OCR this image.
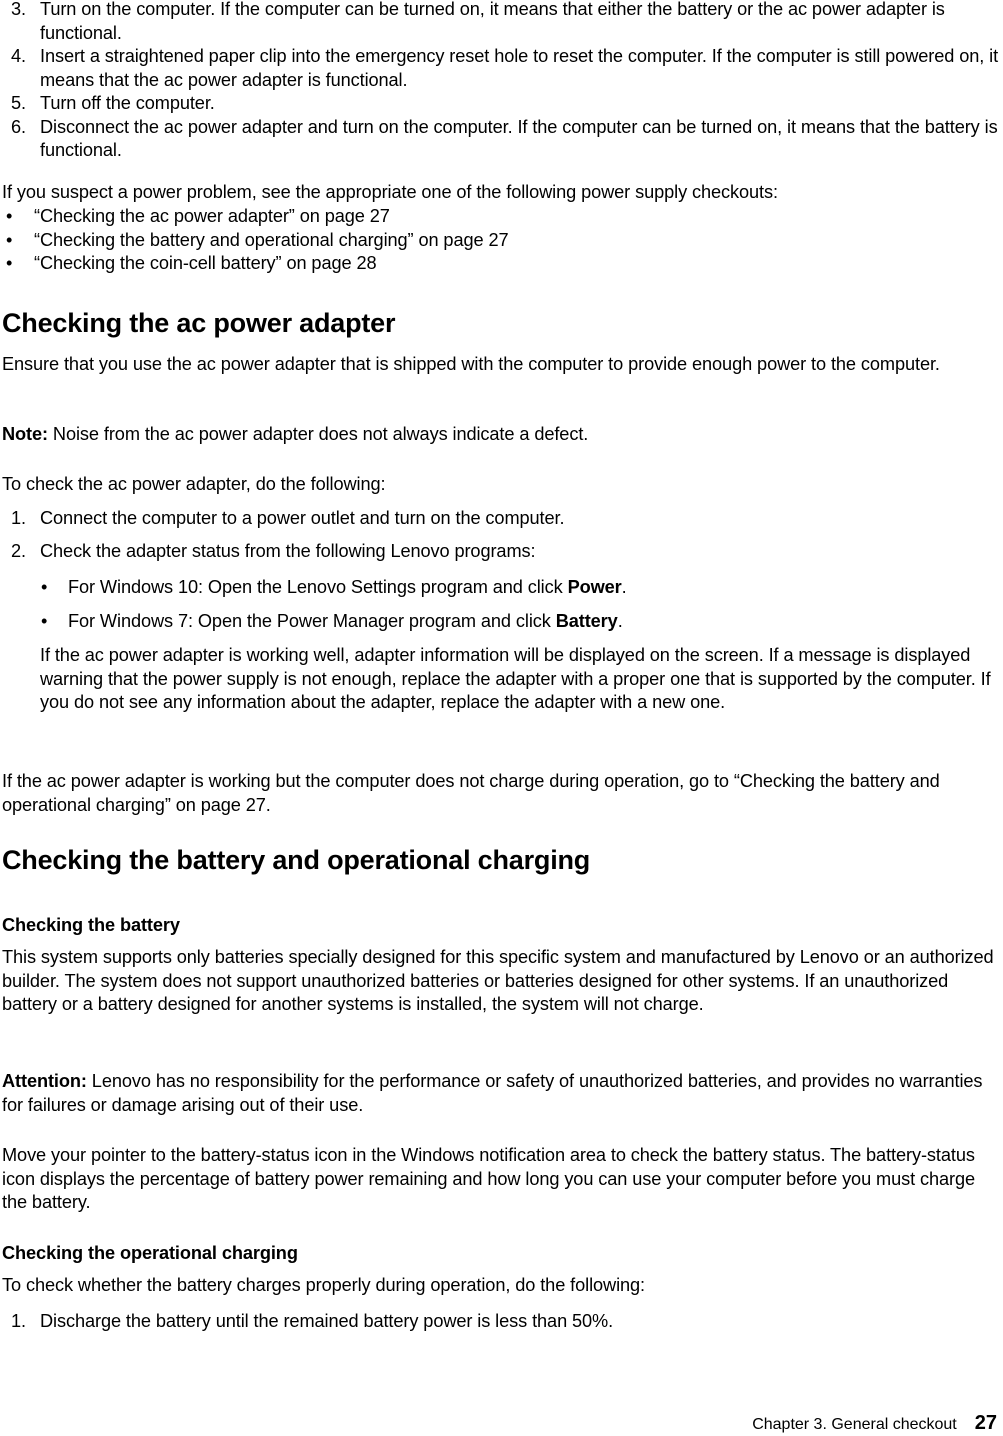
3. Turn on the computer. If the computer can be turned on, it means that either the battery or the ac power adapter is functional.
4. Insert a straightened paper clip into the emergency reset hole to reset the computer. If the computer is still powered on, it means that the ac power adapter is functional.
5. Turn off the computer.
6. Disconnect the ac power adapter and turn on the computer. If the computer can be turned on, it means that the battery is functional.
If you suspect a power problem, see the appropriate one of the following power supply checkouts:
• “Checking the ac power adapter” on page 27
• “Checking the battery and operational charging” on page 27
• “Checking the coin-cell battery” on page 28
Checking the ac power adapter
Ensure that you use the ac power adapter that is shipped with the computer to provide enough power to the computer.
Note: Noise from the ac power adapter does not always indicate a defect.
To check the ac power adapter, do the following:
1. Connect the computer to a power outlet and turn on the computer.
2. Check the adapter status from the following Lenovo programs:
• For Windows 10: Open the Lenovo Settings program and click Power.
• For Windows 7: Open the Power Manager program and click Battery.
If the ac power adapter is working well, adapter information will be displayed on the screen. If a message is displayed warning that the power supply is not enough, replace the adapter with a proper one that is supported by the computer. If you do not see any information about the adapter, replace the adapter with a new one.
If the ac power adapter is working but the computer does not charge during operation, go to “Checking the battery and operational charging” on page 27.
Checking the battery and operational charging
Checking the battery
This system supports only batteries specially designed for this specific system and manufactured by Lenovo or an authorized builder. The system does not support unauthorized batteries or batteries designed for other systems. If an unauthorized battery or a battery designed for another systems is installed, the system will not charge.
Attention: Lenovo has no responsibility for the performance or safety of unauthorized batteries, and provides no warranties for failures or damage arising out of their use.
Move your pointer to the battery-status icon in the Windows notification area to check the battery status. The battery-status icon displays the percentage of battery power remaining and how long you can use your computer before you must charge the battery.
Checking the operational charging
To check whether the battery charges properly during operation, do the following:
1. Discharge the battery until the remained battery power is less than 50%.
Chapter 3. General checkout 27
